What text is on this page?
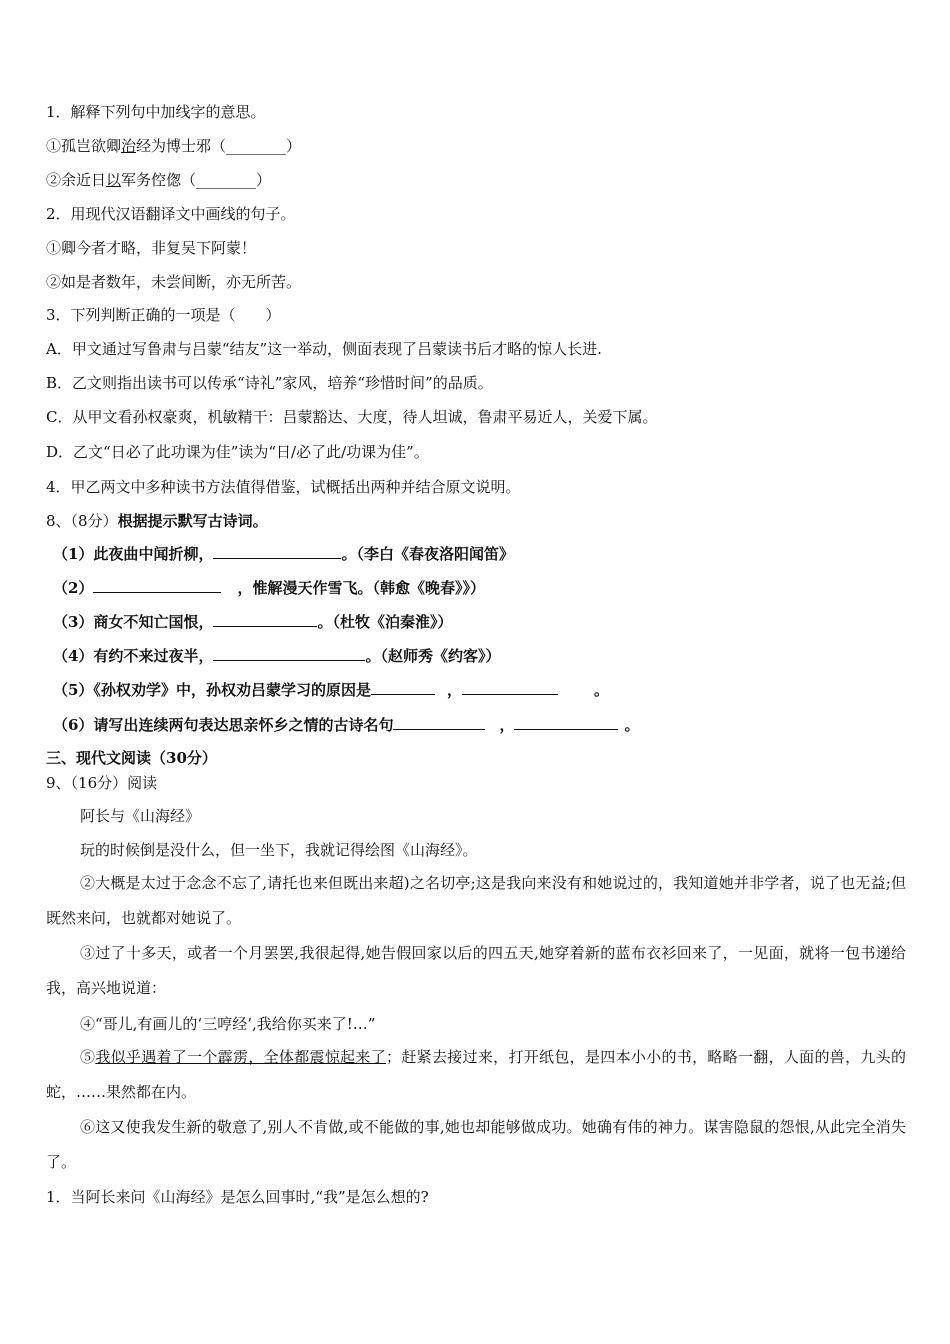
1．解释下列句中加线字的意思。
①孤岂欲卿治经为博士邪（________）
②余近日以军务倥偬（________）
2．用现代汉语翻译文中画线的句子。
①卿今者才略，非复吴下阿蒙！
②如是者数年，未尝间断，亦无所苦。
3．下列判断正确的一项是（　　）
A．甲文通过写鲁肃与吕蒙“结友”这一举动，侧面表现了吕蒙读书后才略的惊人长进.
B．乙文则指出读书可以传承“诗礼”家风，培养“珍惜时间”的品质。
C．从甲文看孙权豪爽，机敏精干：吕蒙豁达、大度，待人坦诚，鲁肃平易近人，关爱下属。
D．乙文“日必了此功课为佳”读为“日/必了此/功课为佳”。
4．甲乙两文中多种读书方法值得借鉴，试概括出两种并结合原文说明。
8、（8分）根据提示默写古诗词。
（1）此夜曲中闻折柳，	。（李白《春夜洛阳闻笛》
（2）	，惟解漫天作雪飞。（韩愈《晚春》》）
（3）商女不知亡国恨，	。（杜牧《泊秦淮》）
（4）有约不来过夜半，	。（赵师秀《约客》）
（5）《孙权劝学》中，孙权劝吕蒙学习的原因是	，	。
（6）请写出连续两句表达思亲怀乡之情的古诗名句	，	。
三、现代文阅读（30分）
9、（16分）阅读
阿长与《山海经》
玩的时候倒是没什么，但一坐下，我就记得绘图《山海经》。
②大概是太过于念念不忘了,请托也来但既出来超)之名切亭;这是我向来没有和她说过的，我知道她并非学者，说了也无益;但既然来问，也就都对她说了。
③过了十多天，或者一个月罢罢,我很起得,她告假回家以后的四五天,她穿着新的蓝布衣衫回来了，一见面，就将一包书递给我，高兴地说道：
④“哥儿,有画儿的‘三哼经’,我给你买来了!…”
⑤我似乎遇着了一个霹雳，全体都震惊起来了；赶紧去接过来，打开纸包，是四本小小的书，略略一翻，人面的兽，九头的蛇，……果然都在内。
⑥这又使我发生新的敬意了,别人不肯做,或不能做的事,她也却能够做成功。她确有伟的神力。谋害隐鼠的怨恨,从此完全消失了。
1．当阿长来问《山海经》是怎么回事时,“我”是怎么想的?
